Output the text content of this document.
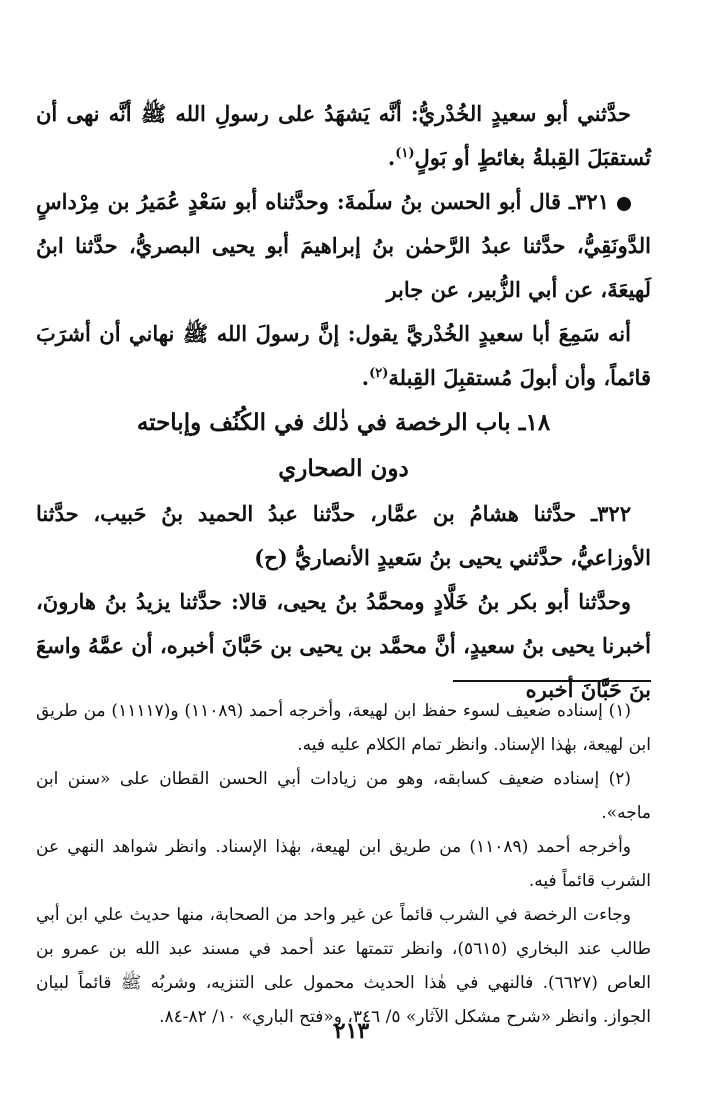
حدَّثني أبو سعيدٍ الخُدْريُّ: أنَّه يَشهَدُ على رسولِ الله ﷺ أنَّه نهى أن تُستقبَلَ القِبلةُ بغائطٍ أو بَولٍ$^{(١)}$.

٣٢١ـ قال أبو الحسن بنُ سلَمةَ: وحدَّثناه أبو سَعْدٍ عُمَيرُ بن مِرْداسٍ الدَّونَقِيُّ، حدَّثنا عبدُ الرَّحمٰن بنُ إبراهيمَ أبو يحيى البصريُّ، حدَّثنا ابنُ لَهيعَةَ، عن أبي الزُّبير، عن جابر

أنه سَمِعَ أبا سعيدٍ الخُدْريَّ يقول: إنَّ رسولَ الله ﷺ نهاني أن أشرَبَ قائماً، وأن أبولَ مُستقبِلَ القِبلة$^{(٢)}$.

١٨ـ باب الرخصة في ذٰلك في الكُنُف وإباحته

دون الصحاري

٣٢٢ـ حدَّثنا هشامُ بن عمَّار، حدَّثنا عبدُ الحميد بنُ حَبيب، حدَّثنا الأوزاعيُّ، حدَّثني يحيى بنُ سَعيدٍ الأنصاريُّ (ح)

وحدَّثنا أبو بكر بنُ خَلَّادٍ ومحمَّدُ بنُ يحيى، قالا: حدَّثنا يزيدُ بنُ هارونَ، أخبرنا يحيى بنُ سعيدٍ، أنَّ محمَّد بن يحيى بن حَبَّانَ أخبره، أن عمَّهُ واسعَ بنَ حَبَّانَ أخبره

(١) إسناده ضعيف لسوء حفظ ابن لهيعة، وأخرجه أحمد (١١٠٨٩) و(١١١١٧) من طريق ابن لهيعة، بهٰذا الإسناد. وانظر تمام الكلام عليه فيه.

(٢) إسناده ضعيف كسابقه، وهو من زيادات أبي الحسن القطان على «سنن ابن ماجه».

وأخرجه أحمد (١١٠٨٩) من طريق ابن لهيعة، بهٰذا الإسناد. وانظر شواهد النهي عن الشرب قائماً فيه.

وجاءت الرخصة في الشرب قائماً عن غير واحد من الصحابة، منها حديث علي ابن أبي طالب عند البخاري (٥٦١٥)، وانظر تتمتها عند أحمد في مسند عبد الله بن عمرو بن العاص (٦٦٢٧). فالنهي في هٰذا الحديث محمول على التنزيه، وشربُه ﷺ قائماً لبيان الجواز. وانظر «شرح مشكل الآثار» ٥/ ٣٤٦، و«فتح الباري» ١٠/ ٨٢-٨٤.

٢١٣
